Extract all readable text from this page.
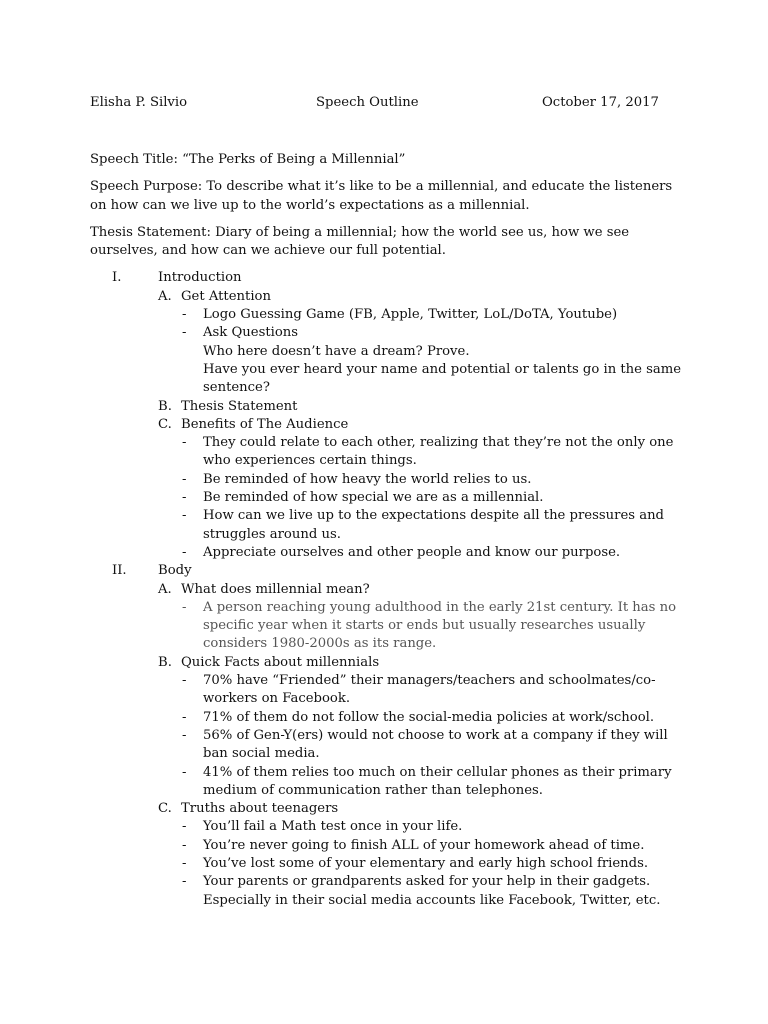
Elisha P. Silvio	Speech Outline	October 17, 2017

Speech Title: “The Perks of Being a Millennial”

Speech Purpose: To describe what it’s like to be a millennial, and educate the listeners on how can we live up to the world’s expectations as a millennial.

Thesis Statement: Diary of being a millennial; how the world see us, how we see ourselves, and how can we achieve our full potential.

I.	Introduction
A. Get Attention
- Logo Guessing Game (FB, Apple, Twitter, LoL/DoTA, Youtube)
- Ask Questions
Who here doesn’t have a dream? Prove.
Have you ever heard your name and potential or talents go in the same sentence?
B. Thesis Statement
C. Benefits of The Audience
- They could relate to each other, realizing that they’re not the only one who experiences certain things.
- Be reminded of how heavy the world relies to us.
- Be reminded of how special we are as a millennial.
- How can we live up to the expectations despite all the pressures and struggles around us.
- Appreciate ourselves and other people and know our purpose.
II. Body
A. What does millennial mean?
- A person reaching young adulthood in the early 21st century. It has no specific year when it starts or ends but usually researches usually considers 1980-2000s as its range.
B. Quick Facts about millennials
- 70% have “Friended” their managers/teachers and schoolmates/co-workers on Facebook.
- 71% of them do not follow the social-media policies at work/school.
- 56% of Gen-Y(ers) would not choose to work at a company if they will ban social media.
- 41% of them relies too much on their cellular phones as their primary medium of communication rather than telephones.
C. Truths about teenagers
- You’ll fail a Math test once in your life.
- You’re never going to finish ALL of your homework ahead of time.
- You’ve lost some of your elementary and early high school friends.
- Your parents or grandparents asked for your help in their gadgets. Especially in their social media accounts like Facebook, Twitter, etc.
